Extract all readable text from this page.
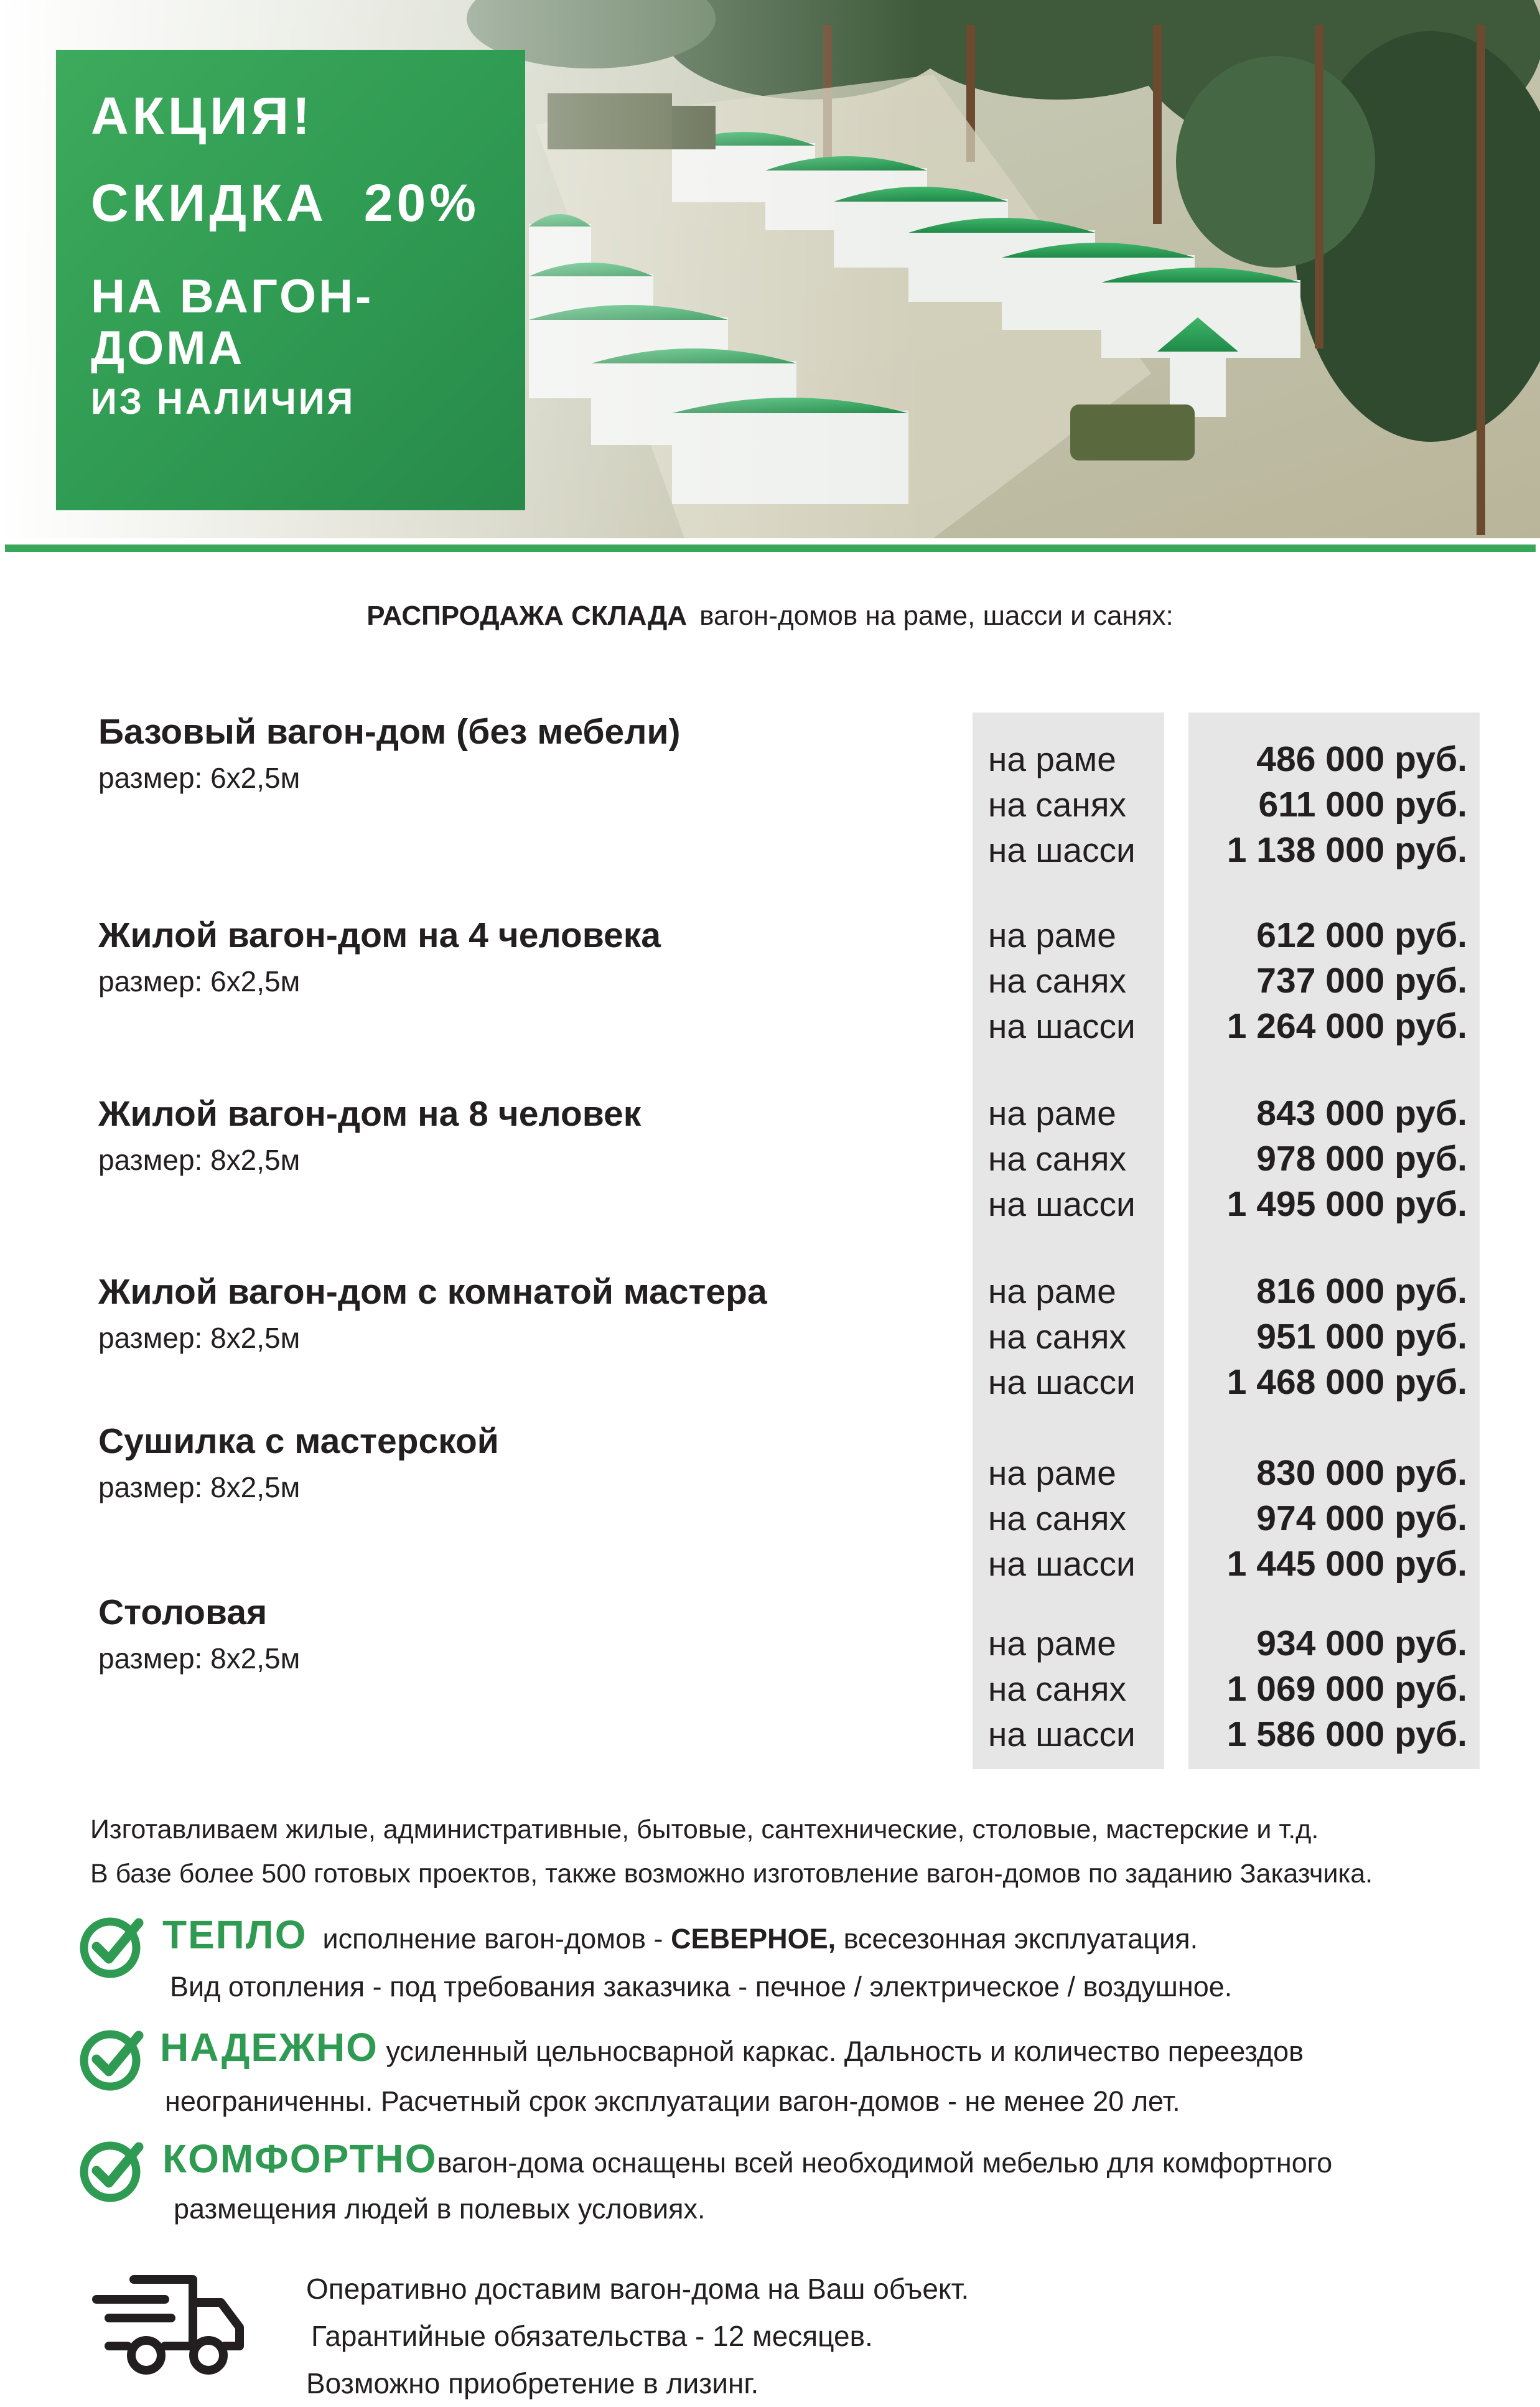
АКЦИЯ!
СКИДКА  20%
НА ВАГОН-ДОМА
ИЗ НАЛИЧИЯ
РАСПРОДАЖА СКЛАДА вагон-домов на раме, шасси и санях:
Базовый вагон-дом (без мебели)
размер: 6х2,5м	на раме	486 000 руб.
на санях	611 000 руб.
на шасси	1 138 000 руб.
Жилой вагон-дом на 4 человека
размер: 6х2,5м
на раме	612 000 руб.
на санях	737 000 руб.
на шасси	1 264 000 руб.
Жилой вагон-дом на 8 человек
размер: 8х2,5м
на раме	843 000 руб.
на санях	978 000 руб.
на шасси	1 495 000 руб.
Жилой вагон-дом с комнатой мастера
размер: 8х2,5м
на раме	816 000 руб.
на санях	951 000 руб.
на шасси	1 468 000 руб.
Сушилка с мастерской
размер: 8х2,5м	на раме	830 000 руб.
на санях	974 000 руб.
на шасси	1 445 000 руб.
Столовая
размер: 8х2,5м	на раме	934 000 руб.
на санях	1 069 000 руб.
на шасси	1 586 000 руб.
Изготавливаем жилые, административные, бытовые, сантехнические, столовые, мастерские и т.д.
В базе более 500 готовых проектов, также возможно изготовление вагон-домов по заданию Заказчика.
ТЕПЛО исполнение вагон-домов - СЕВЕРНОЕ, всесезонная эксплуатация.
Вид отопления - под требования заказчика - печное / электрическое / воздушное.
НАДЕЖНО усиленный цельносварной каркас. Дальность и количество переездов
неограниченны. Расчетный срок эксплуатации вагон-домов - не менее 20 лет.
КОМФОРТНОвагон-дома оснащены всей необходимой мебелью для комфортного
размещения людей в полевых условиях.
Оперативно доставим вагон-дома на Ваш объект.
Гарантийные обязательства - 12 месяцев.
Возможно приобретение в лизинг.
